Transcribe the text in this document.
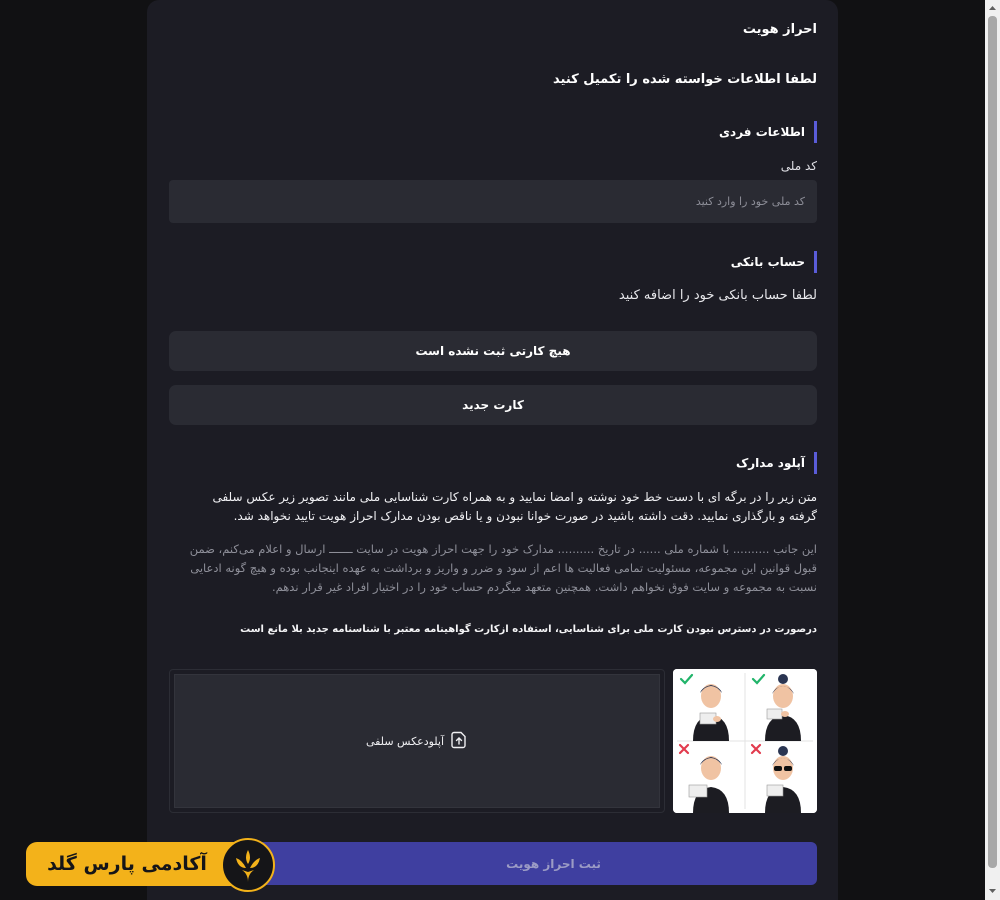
احراز هویت
لطفا اطلاعات خواسته شده را تکمیل کنید
اطلاعات فردی
کد ملی
کد ملی خود را وارد کنید
حساب بانکی
لطفا حساب بانکی خود را اضافه کنید
هیچ کارتی ثبت نشده است
کارت جدید
آپلود مدارک
متن زیر را در برگه ای با دست خط خود نوشته و امضا نمایید و به همراه کارت شناسایی ملی مانند تصویر زیر عکس سلفی گرفته و بارگذاری نمایید. دقت داشته باشید در صورت خوانا نبودن و یا ناقص بودن مدارک احراز هویت تایید نخواهد شد.
این جانب .......... با شماره ملی ...... در تاریخ .......... مدارک خود را جهت احراز هویت در سایت ـــــــ ارسال و اعلام می‌کنم، ضمن قبول قوانین این مجموعه، مسئولیت تمامی فعالیت ها اعم از سود و ضرر و واریز و برداشت به عهده اینجانب بوده و هیچ گونه ادعایی نسبت به مجموعه و سایت فوق نخواهم داشت. همچنین متعهد میگردم حساب خود را در اختیار افراد غیر قرار ندهم.
درصورت در دسترس نبودن کارت ملی برای شناسایی، استفاده ازکارت گواهینامه معتبر با شناسنامه جدید بلا مانع است
آپلودعکس سلفی
ثبت احراز هویت
آکادمی پارس گلد
